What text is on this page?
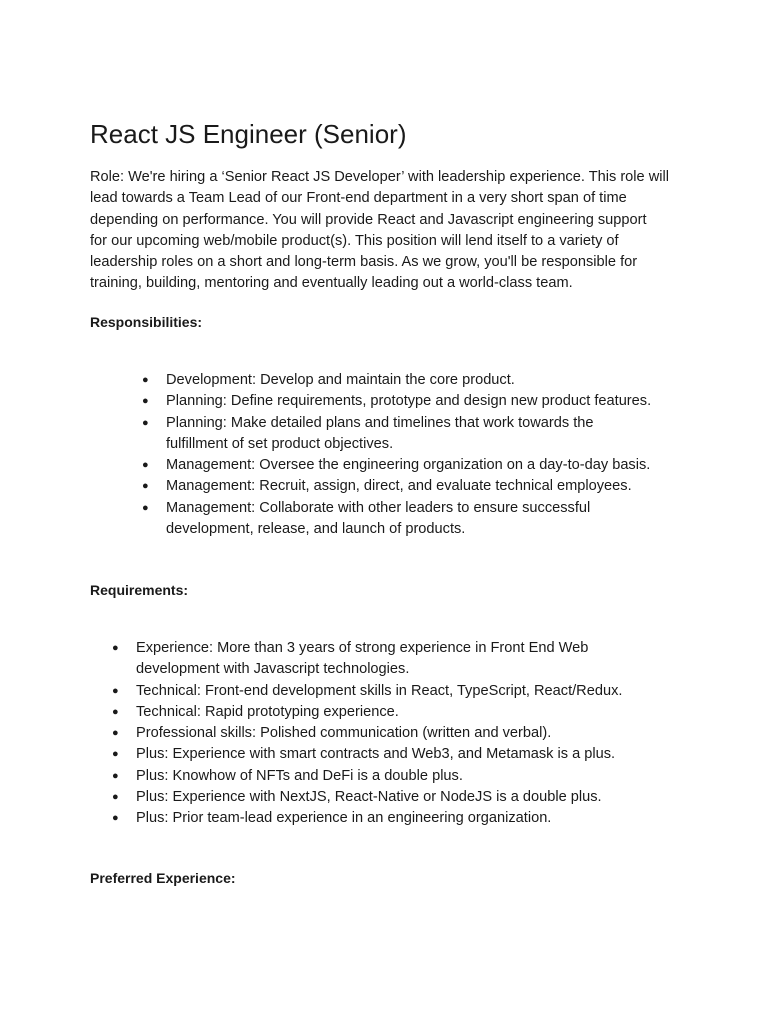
React JS Engineer (Senior)

Role: We're hiring a ‘Senior React JS Developer’ with leadership experience. This role will
lead towards a Team Lead of our Front-end department in a very short span of time
depending on performance. You will provide React and Javascript engineering support
for our upcoming web/mobile product(s). This position will lend itself to a variety of
leadership roles on a short and long-term basis. As we grow, you'll be responsible for
training, building, mentoring and eventually leading out a world-class team.

Responsibilities:
● Development: Develop and maintain the core product.
● Planning: Define requirements, prototype and design new product features.
● Planning: Make detailed plans and timelines that work towards the
fulfillment of set product objectives.
● Management: Oversee the engineering organization on a day-to-day basis.
● Management: Recruit, assign, direct, and evaluate technical employees.
● Management: Collaborate with other leaders to ensure successful
development, release, and launch of products.
Requirements:
● Experience: More than 3 years of strong experience in Front End Web
development with Javascript technologies.
● Technical: Front-end development skills in React, TypeScript, React/Redux.
● Technical: Rapid prototyping experience.
● Professional skills: Polished communication (written and verbal).
● Plus: Experience with smart contracts and Web3, and Metamask is a plus.
● Plus: Knowhow of NFTs and DeFi is a double plus.
● Plus: Experience with NextJS, React-Native or NodeJS is a double plus.
● Plus: Prior team-lead experience in an engineering organization.
Preferred Experience:
